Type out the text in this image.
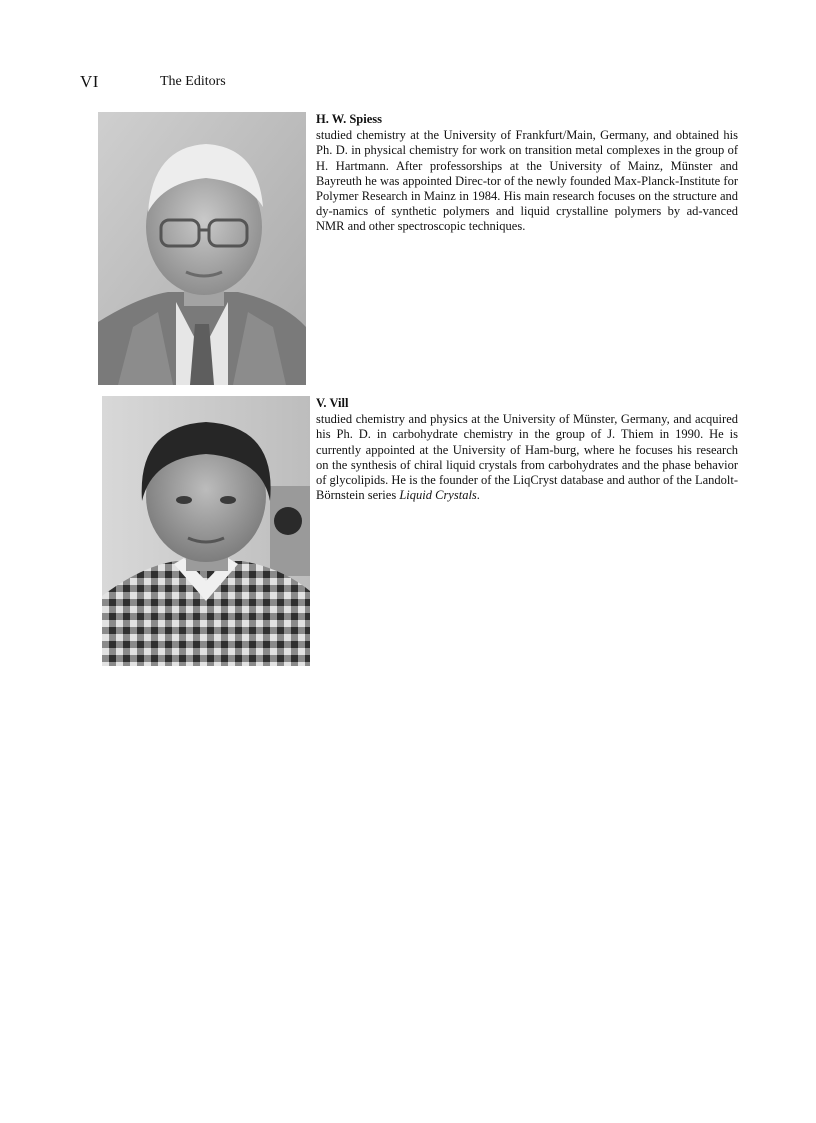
VI	The Editors
H. W. Spiess

studied chemistry at the University of Frankfurt/Main, Germany, and obtained his Ph. D. in physical chemistry for work on transition metal complexes in the group of H. Hartmann. After professorships at the University of Mainz, Münster and Bayreuth he was appointed Direc-tor of the newly founded Max-Planck-Institute for Polymer Research in Mainz in 1984. His main research focuses on the structure and dy-namics of synthetic polymers and liquid crystalline polymers by ad-vanced NMR and other spectroscopic techniques.

V. Vill

studied chemistry and physics at the University of Münster, Germany, and acquired his Ph. D. in carbohydrate chemistry in the group of J. Thiem in 1990. He is currently appointed at the University of Ham-burg, where he focuses his research on the synthesis of chiral liquid crystals from carbohydrates and the phase behavior of glycolipids. He is the founder of the LiqCryst database and author of the Landolt-Börnstein series Liquid Crystals.
